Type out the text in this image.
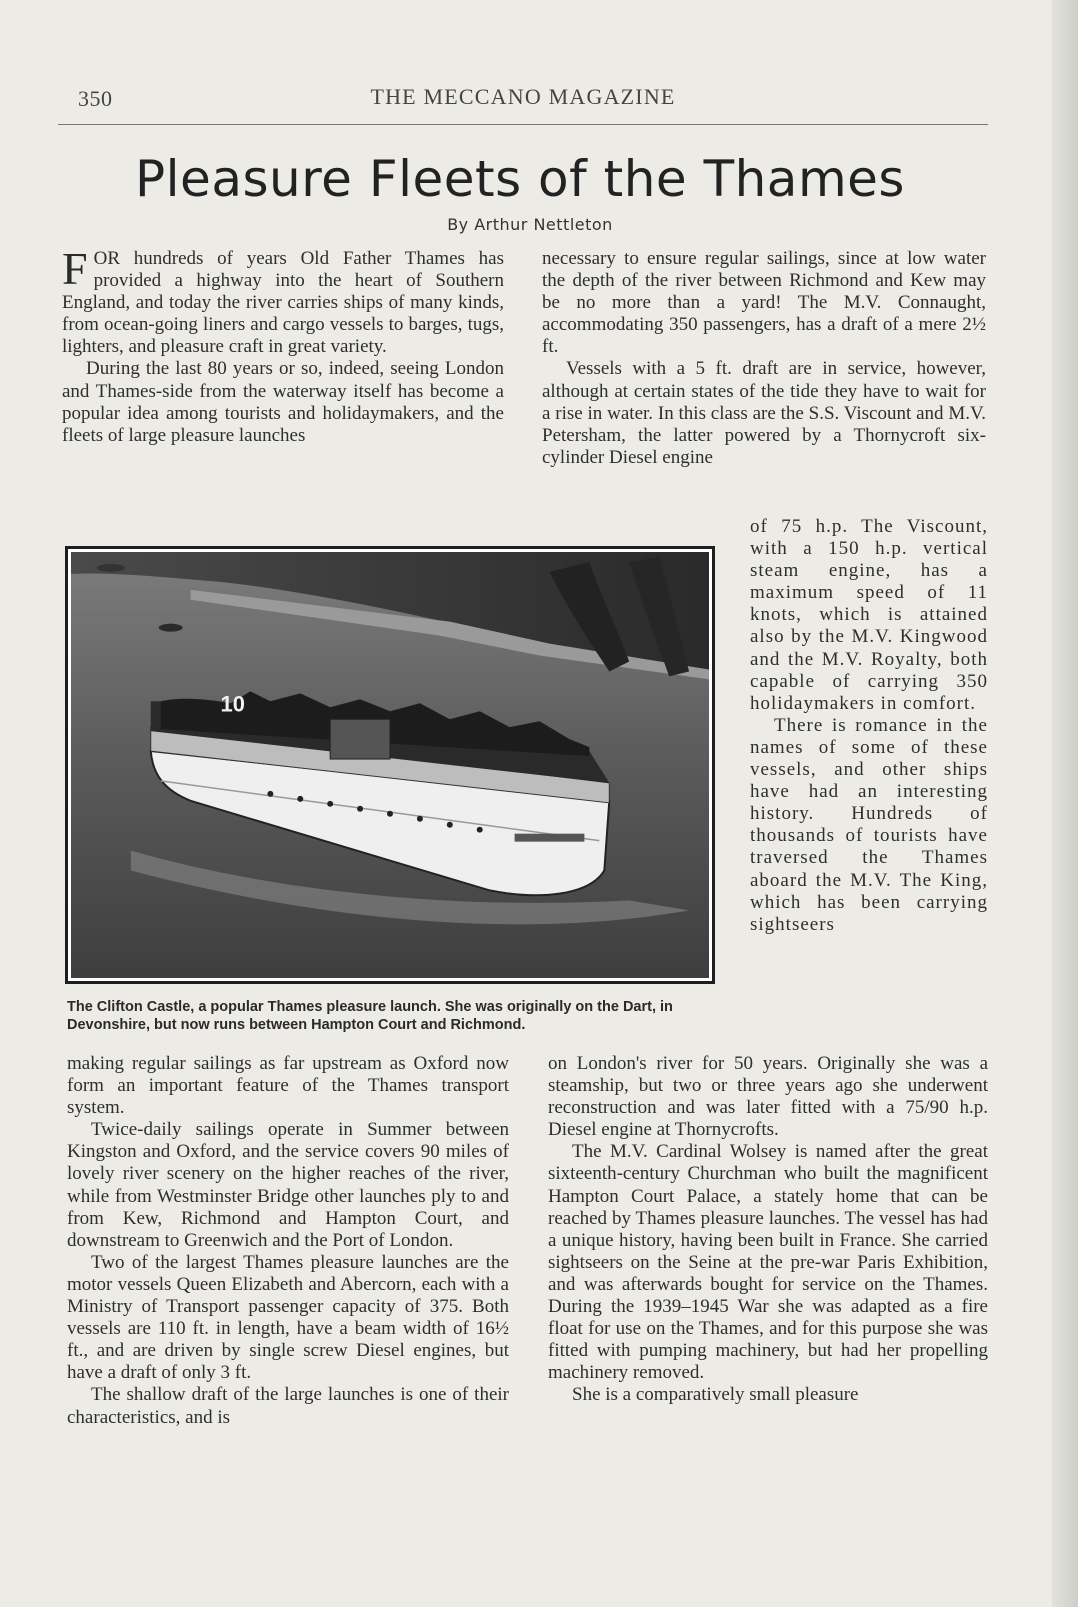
350	THE MECCANO MAGAZINE
Pleasure Fleets of the Thames
By Arthur Nettleton

FOR hundreds of years Old Father Thames has provided a highway into the heart of Southern England, and today the river carries ships of many kinds, from ocean-going liners and cargo vessels to barges, tugs, lighters, and pleasure craft in great variety.

During the last 80 years or so, indeed, seeing London and Thames-side from the waterway itself has become a popular idea among tourists and holidaymakers, and the fleets of large pleasure launches

necessary to ensure regular sailings, since at low water the depth of the river between Richmond and Kew may be no more than a yard! The M.V. Connaught, accommodating 350 passengers, has a draft of a mere 2½ ft.

Vessels with a 5 ft. draft are in service, however, although at certain states of the tide they have to wait for a rise in water. In this class are the S.S. Viscount and M.V. Petersham, the latter powered by a Thornycroft six-cylinder Diesel engine

10
The Clifton Castle, a popular Thames pleasure launch. She was originally on the Dart, in Devonshire, but now runs between Hampton Court and Richmond.

of 75 h.p. The Viscount, with a 150 h.p. vertical steam engine, has a maximum speed of 11 knots, which is attained also by the M.V. Kingwood and the M.V. Royalty, both capable of carrying 350 holidaymakers in comfort.

There is romance in the names of some of these vessels, and other ships have had an interesting history. Hundreds of thousands of tourists have traversed the Thames aboard the M.V. The King, which has been carrying sightseers

making regular sailings as far upstream as Oxford now form an important feature of the Thames transport system.

Twice-daily sailings operate in Summer between Kingston and Oxford, and the service covers 90 miles of lovely river scenery on the higher reaches of the river, while from Westminster Bridge other launches ply to and from Kew, Richmond and Hampton Court, and downstream to Greenwich and the Port of London.

Two of the largest Thames pleasure launches are the motor vessels Queen Elizabeth and Abercorn, each with a Ministry of Transport passenger capacity of 375. Both vessels are 110 ft. in length, have a beam width of 16½ ft., and are driven by single screw Diesel engines, but have a draft of only 3 ft.

The shallow draft of the large launches is one of their characteristics, and is

on London's river for 50 years. Originally she was a steamship, but two or three years ago she underwent reconstruction and was later fitted with a 75/90 h.p. Diesel engine at Thornycrofts.

The M.V. Cardinal Wolsey is named after the great sixteenth-century Churchman who built the magnificent Hampton Court Palace, a stately home that can be reached by Thames pleasure launches. The vessel has had a unique history, having been built in France. She carried sightseers on the Seine at the pre-war Paris Exhibition, and was afterwards bought for service on the Thames. During the 1939–1945 War she was adapted as a fire float for use on the Thames, and for this purpose she was fitted with pumping machinery, but had her propelling machinery removed.

She is a comparatively small pleasure
